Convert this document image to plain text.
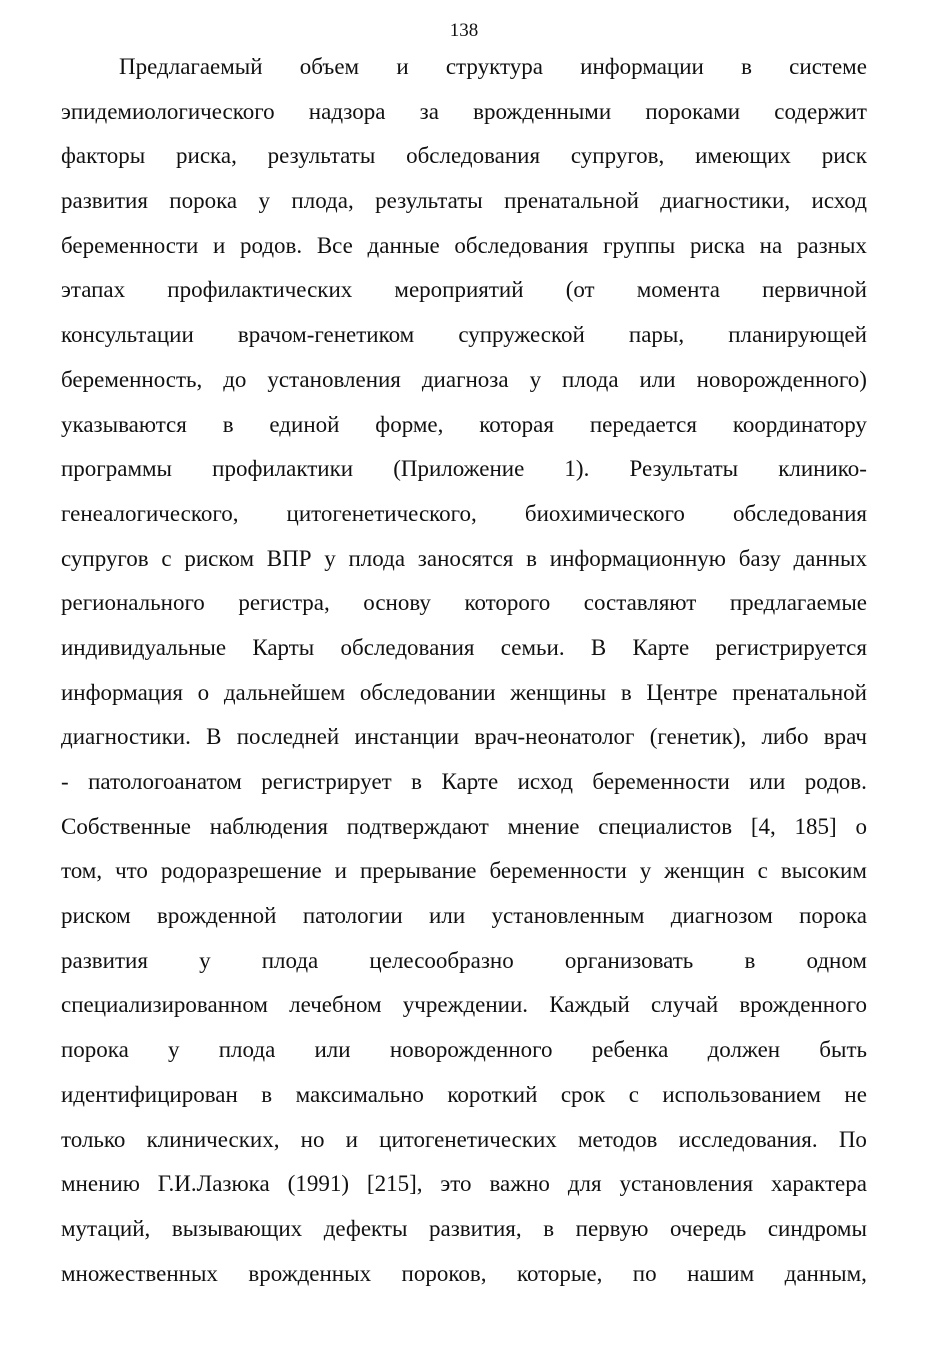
138
Предлагаемый объем и структура информации в системе
эпидемиологического надзора за врожденными пороками содержит
факторы риска, результаты обследования супругов, имеющих риск
развития порока у плода, результаты пренатальной диагностики, исход
беременности и родов. Все данные обследования группы риска на разных
этапах профилактических мероприятий (от момента первичной
консультации врачом-генетиком супружеской пары, планирующей
беременность, до установления диагноза у плода или новорожденного)
указываются в единой форме, которая передается координатору
программы профилактики (Приложение 1). Результаты клинико-
генеалогического, цитогенетического, биохимического обследования
супругов с риском ВПР у плода заносятся в информационную базу данных
регионального регистра, основу которого составляют предлагаемые
индивидуальные Карты обследования семьи. В Карте регистрируется
информация о дальнейшем обследовании женщины в Центре пренатальной
диагностики. В последней инстанции врач-неонатолог (генетик), либо врач
- патологоанатом регистрирует в Карте исход беременности или родов.
Собственные наблюдения подтверждают мнение специалистов [4, 185] о
том, что родоразрешение и прерывание беременности у женщин с высоким
риском врожденной патологии или установленным диагнозом порока
развития у плода целесообразно организовать в одном
специализированном лечебном учреждении. Каждый случай врожденного
порока у плода или новорожденного ребенка должен быть
идентифицирован в максимально короткий срок с использованием не
только клинических, но и цитогенетических методов исследования. По
мнению Г.И.Лазюка (1991) [215], это важно для установления характера
мутаций, вызывающих дефекты развития, в первую очередь синдромы
множественных врожденных пороков, которые, по нашим данным,
